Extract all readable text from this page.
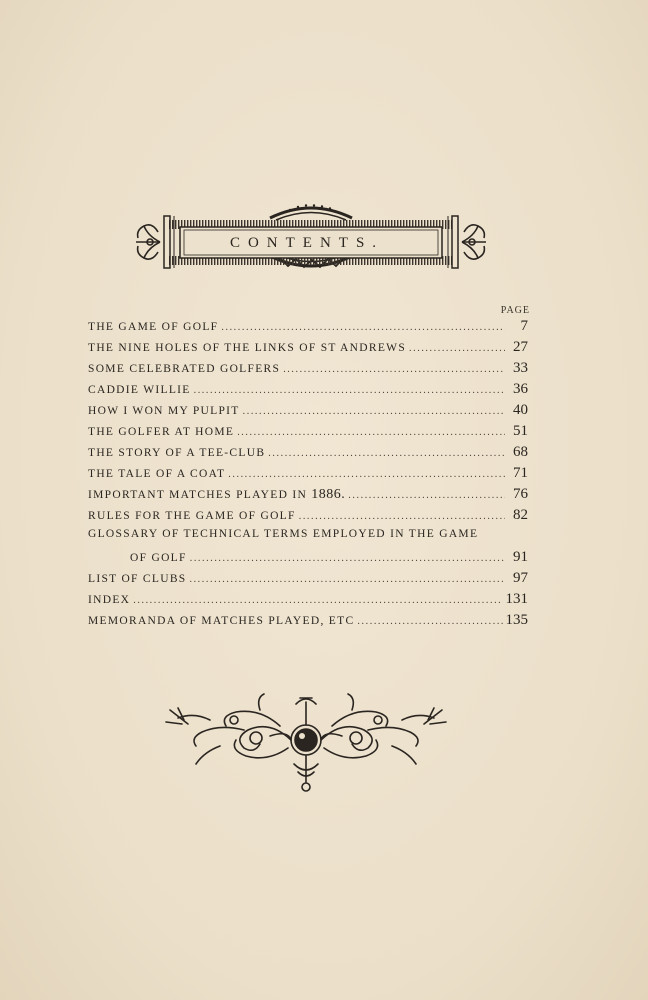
CONTENTS.
PAGE
THE GAME OF GOLF .....	7
THE NINE HOLES OF THE LINKS OF ST ANDREWS .....	27
SOME CELEBRATED GOLFERS .....	33
CADDIE WILLIE .....	36
HOW I WON MY PULPIT .....	40
THE GOLFER AT HOME .....	51
THE STORY OF A TEE-CLUB .....	68
THE TALE OF A COAT .....	71
IMPORTANT MATCHES PLAYED IN 1886. .....	76
RULES FOR THE GAME OF GOLF .....	82
GLOSSARY OF TECHNICAL TERMS EMPLOYED IN THE GAME
OF GOLF .....	91
LIST OF CLUBS .....	97
INDEX .....	131
MEMORANDA OF MATCHES PLAYED, ETC .....	135
